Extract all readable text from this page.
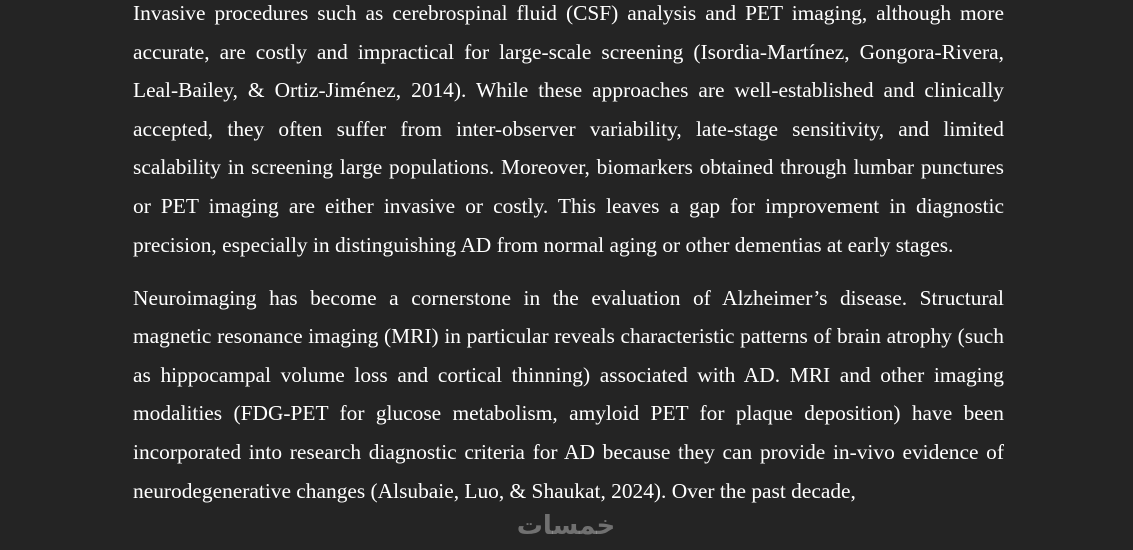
Invasive procedures such as cerebrospinal fluid (CSF) analysis and PET imaging, although more accurate, are costly and impractical for large-scale screening (Isordia-Martínez, Gongora-Rivera, Leal-Bailey, & Ortiz-Jiménez, 2014). While these approaches are well-established and clinically accepted, they often suffer from inter-observer variability, late-stage sensitivity, and limited scalability in screening large populations. Moreover, biomarkers obtained through lumbar punctures or PET imaging are either invasive or costly. This leaves a gap for improvement in diagnostic precision, especially in distinguishing AD from normal aging or other dementias at early stages.

Neuroimaging has become a cornerstone in the evaluation of Alzheimer’s disease. Structural magnetic resonance imaging (MRI) in particular reveals characteristic patterns of brain atrophy (such as hippocampal volume loss and cortical thinning) associated with AD. MRI and other imaging modalities (FDG-PET for glucose metabolism, amyloid PET for plaque deposition) have been incorporated into research diagnostic criteria for AD because they can provide in-vivo evidence of neurodegenerative changes (Alsubaie, Luo, & Shaukat, 2024). Over the past decade,

خمسات
